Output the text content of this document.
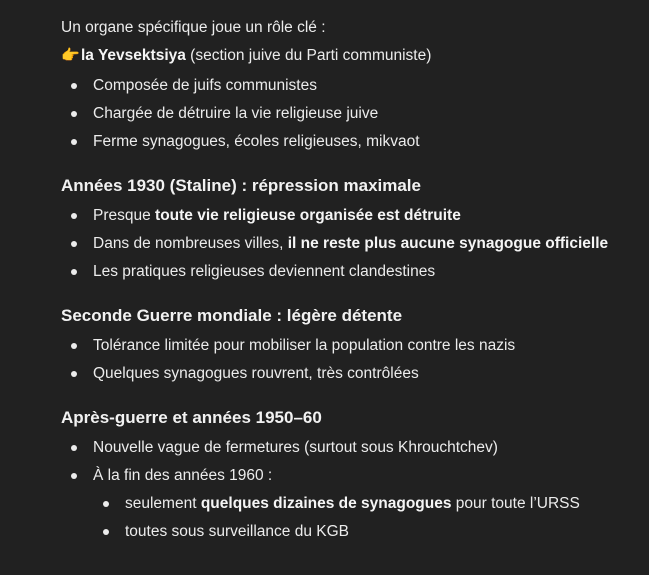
Un organe spécifique joue un rôle clé :

👉la Yevsektsiya (section juive du Parti communiste)

Composée de juifs communistes
Chargée de détruire la vie religieuse juive
Ferme synagogues, écoles religieuses, mikvaot
Années 1930 (Staline) : répression maximale
Presque toute vie religieuse organisée est détruite
Dans de nombreuses villes, il ne reste plus aucune synagogue officielle
Les pratiques religieuses deviennent clandestines
Seconde Guerre mondiale : légère détente
Tolérance limitée pour mobiliser la population contre les nazis
Quelques synagogues rouvrent, très contrôlées
Après-guerre et années 1950–60
Nouvelle vague de fermetures (surtout sous Khrouchtchev)
À la fin des années 1960 :
seulement quelques dizaines de synagogues pour toute l’URSS
toutes sous surveillance du KGB
